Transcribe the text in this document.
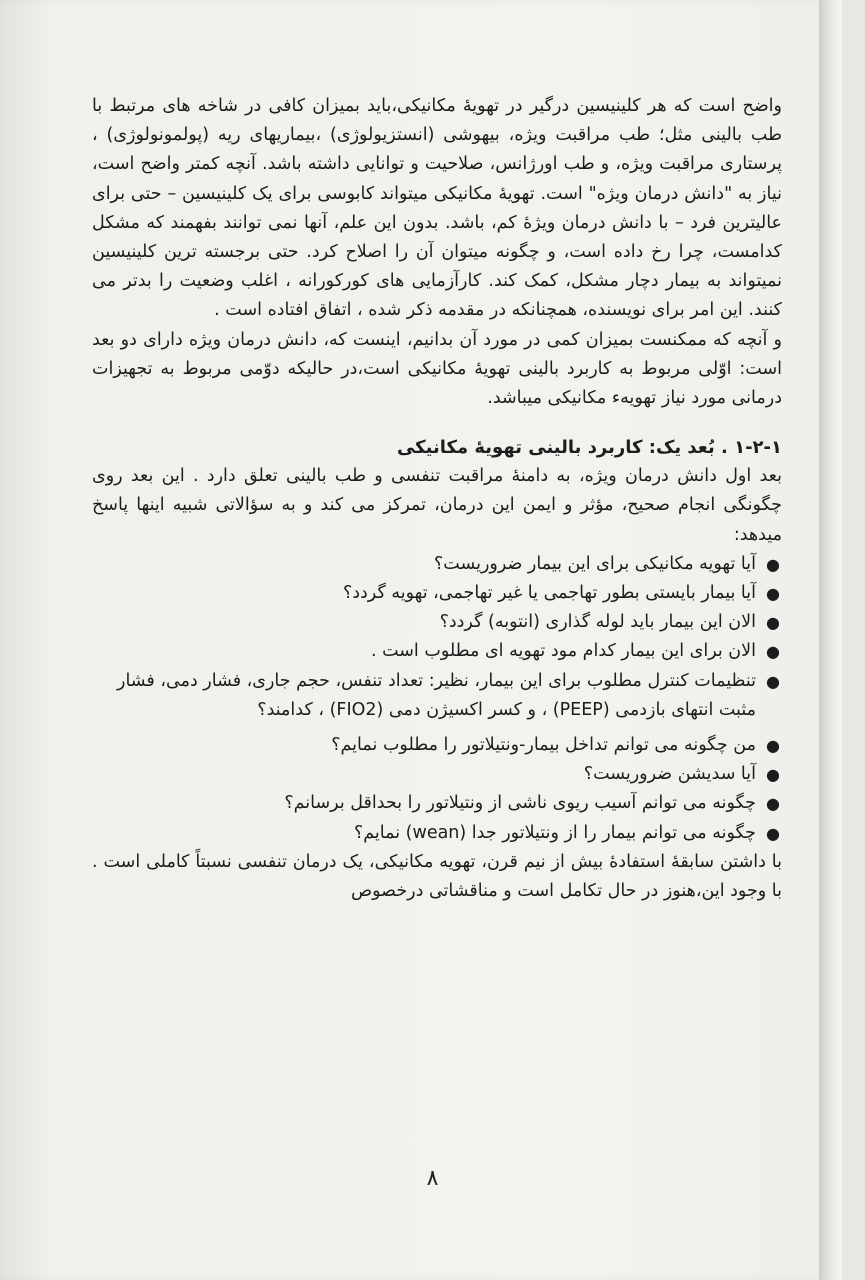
واضح است که هر کلینیسین درگیر در تهویهٔ مکانیکی،باید بمیزان کافی در شاخه های مرتبط با طب بالینی مثل؛ طب مراقبت ویژه، بیهوشی (انستزیولوژی) ،بیماریهای ریه (پولمونولوژی) ، پرستاری مراقبت ویژه، و طب اورژانس، صلاحیت و توانایی داشته باشد. آنچه کمتر واضح است، نیاز به "دانش درمان ویژه" است. تهویهٔ مکانیکی میتواند کابوسی برای یک کلینیسین – حتی برای عالیترین فرد – با دانش درمان ویژهٔ کم، باشد. بدون این علم، آنها نمی توانند بفهمند که مشکل کدامست، چرا رخ داده است، و چگونه میتوان آن را اصلاح کرد. حتی برجسته ترین کلینیسین نمیتواند به بیمار دچار مشکل، کمک کند. کارآزمایی های کورکورانه ، اغلب وضعیت را بدتر می کنند. این امر برای نویسنده، همچنانکه در مقدمه ذکر شده ، اتفاق افتاده است .

و آنچه که ممکنست بمیزان کمی در مورد آن بدانیم، اینست که، دانش درمان ویژه دارای دو بعد است: اوّلی مربوط به کاربرد بالینی تهویهٔ مکانیکی است،در حالیکه دوّمی مربوط به تجهیزات درمانی مورد نیاز تهویهء مکانیکی میباشد.

۱-۲-۱ . بُعد یک: کاربرد بالینی تهویهٔ مکانیکی

بعد اول دانش درمان ویژه، به دامنهٔ مراقبت تنفسی و طب بالینی تعلق دارد . این بعد روی چگونگی انجام صحیح، مؤثر و ایمن این درمان، تمرکز می کند و به سؤالاتی شبیه اینها پاسخ میدهد:

●
آیا تهویه مکانیکی برای این بیمار ضروریست؟
●
آیا بیمار بایستی بطور تهاجمی یا غیر تهاجمی، تهویه گردد؟
●
الان این بیمار باید لوله گذاری (انتوبه) گردد؟
●
الان برای این بیمار کدام مود تهویه ای مطلوب است .
●
تنظیمات کنترل مطلوب برای این بیمار، نظیر: تعداد تنفس، حجم جاری، فشار دمی، فشار مثبت انتهای بازدمی (PEEP) ، و کسر اکسیژن دمی (FIO2) ، کدامند؟
●
من چگونه می توانم تداخل بیمار-ونتیلاتور را مطلوب نمایم؟
●
آیا سدیشن ضروریست؟
●
چگونه می توانم آسیب ریوی ناشی از ونتیلاتور را بحداقل برسانم؟
●
چگونه می توانم بیمار را از ونتیلاتور جدا (wean) نمایم؟

با داشتن سابقهٔ استفادهٔ بیش از نیم قرن، تهویه مکانیکی، یک درمان تنفسی نسبتاً کاملی است . با وجود این،هنوز در حال تکامل است و مناقشاتی درخصوص

۸
